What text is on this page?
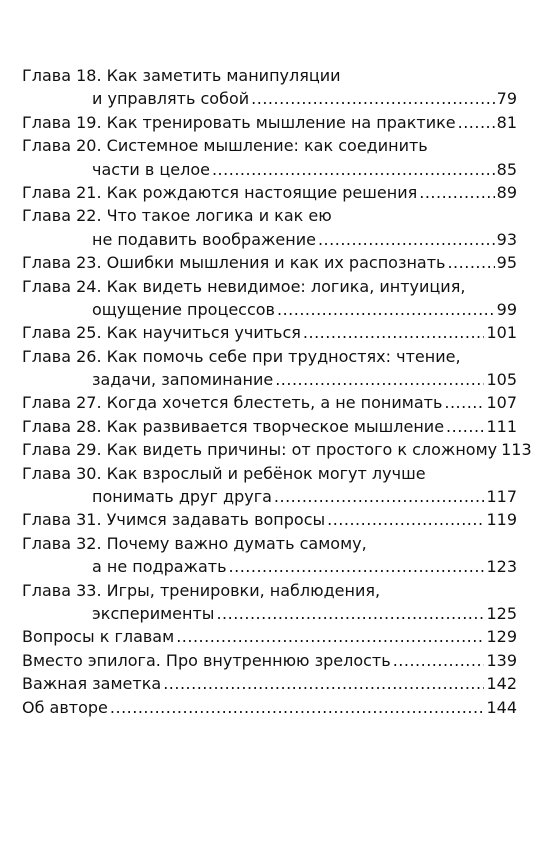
Глава 18. Как заметить манипуляции
и управлять собой .....	79
Глава 19. Как тренировать мышление на практике .....	81
Глава 20. Системное мышление: как соединить
части в целое .....	85
Глава 21. Как рождаются настоящие решения .....	89
Глава 22. Что такое логика и как ею
не подавить воображение .....	93
Глава 23. Ошибки мышления и как их распознать .....	95
Глава 24. Как видеть невидимое: логика, интуиция,
ощущение процессов .....	99
Глава 25. Как научиться учиться .....	101
Глава 26. Как помочь себе при трудностях: чтение,
задачи, запоминание .....	105
Глава 27. Когда хочется блестеть, а не понимать .....	107
Глава 28. Как развивается творческое мышление .....	111
Глава 29. Как видеть причины: от простого к сложному 113
Глава 30. Как взрослый и ребёнок могут лучше
понимать друг друга .....	117
Глава 31. Учимся задавать вопросы .....	119
Глава 32. Почему важно думать самому,
а не подражать .....	123
Глава 33. Игры, тренировки, наблюдения,
эксперименты .....	125
Вопросы к главам .....	129
Вместо эпилога. Про внутреннюю зрелость .....	139
Важная заметка .....	142
Об авторе .....	144
